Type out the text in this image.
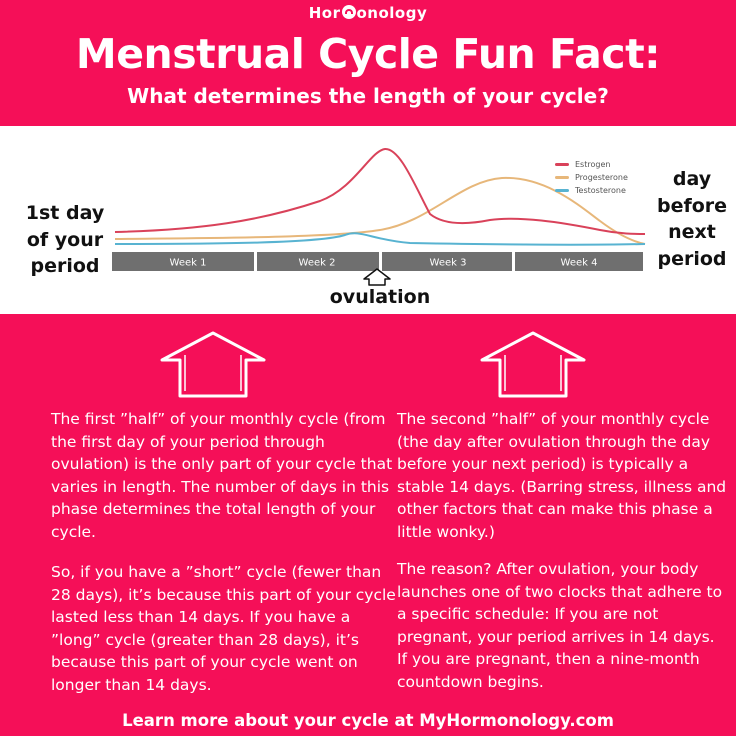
Hor onology
Menstrual Cycle Fun Fact:
What determines the length of your cycle?
Week 1	Week 2	Week 3	Week 4
Estrogen
Progesterone
Testosterone
1st day
of your
period
day
before
next
period
ovulation
The first ”half” of your monthly cycle (from the first day of your period through ovulation) is the only part of your cycle that varies in length. The number of days in this phase determines the total length of your cycle.
So, if you have a ”short” cycle (fewer than 28 days), it’s because this part of your cycle lasted less than 14 days. If you have a ”long” cycle (greater than 28 days), it’s because this part of your cycle went on longer than 14 days.
The second ”half” of your monthly cycle (the day after ovulation through the day before your next period) is typically a stable 14 days. (Barring stress, illness and other factors that can make this phase a little wonky.)
The reason? After ovulation, your body launches one of two clocks that adhere to a specific schedule: If you are not pregnant, your period arrives in 14 days. If you are pregnant, then a nine-month countdown begins.
Learn more about your cycle at MyHormonology.com
